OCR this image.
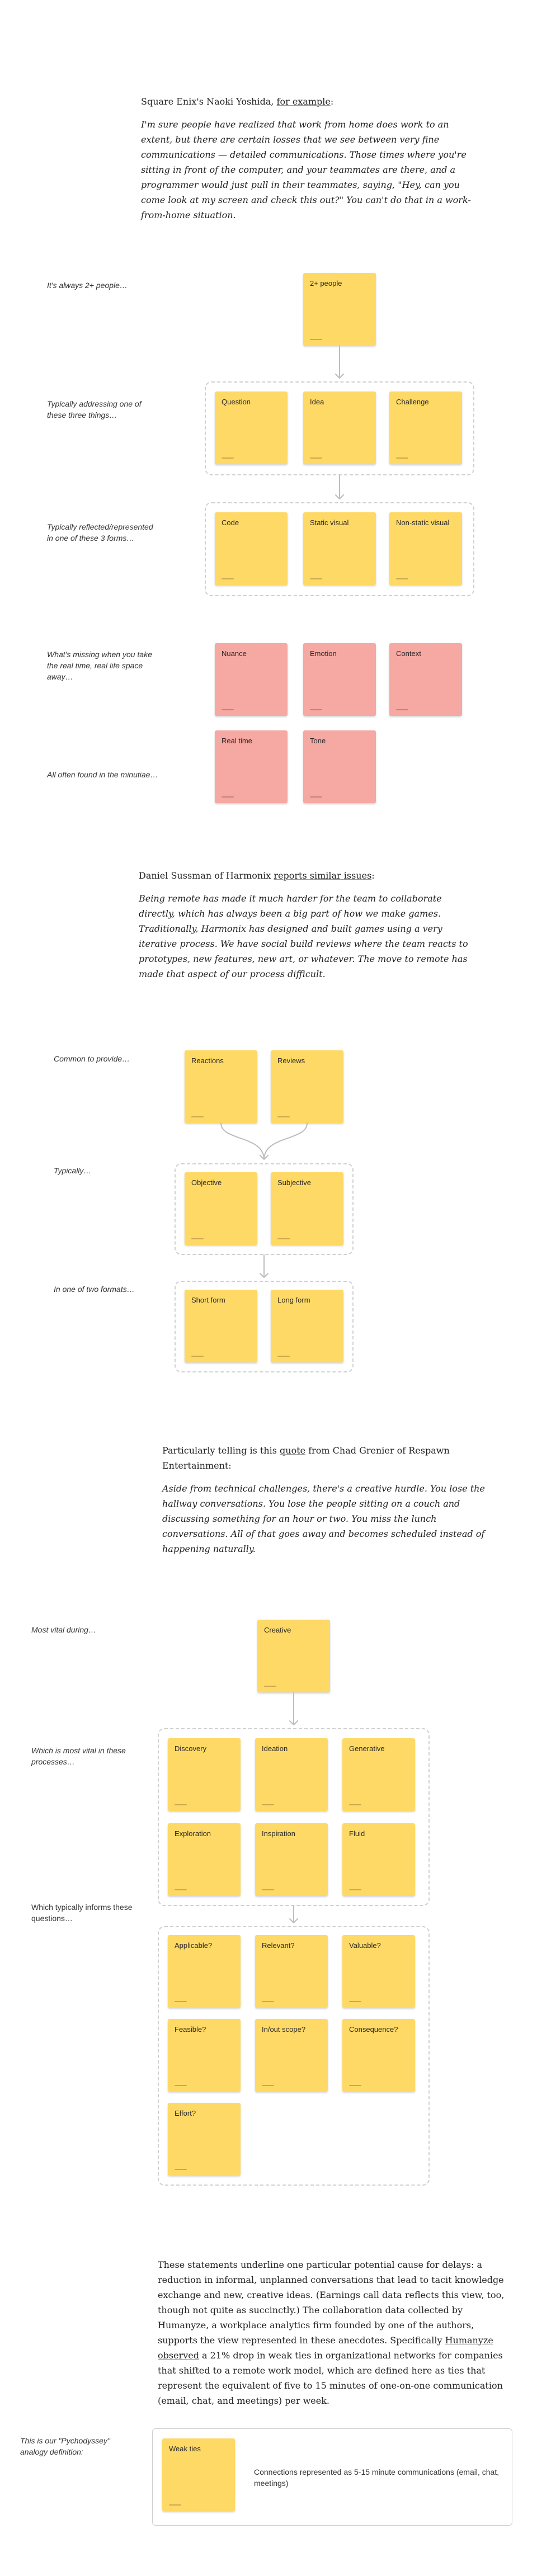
Square Enix's Naoki Yoshida, for example:

I'm sure people have realized that work from home does work to an extent, but there are certain losses that we see between very fine communications — detailed communications. Those times where you're sitting in front of the computer, and your teammates are there, and a programmer would just pull in their teammates, saying, "Hey, can you come look at my screen and check this out?" You can't do that in a work-from-home situation.

It's always 2+ people…
Typically addressing one of these three things…
Typically reflected/represented in one of these 3 forms…
What's missing when you take the real time, real life space away…
All often found in the minutiae…
2+ people
Question	Idea	Challenge
Code	Static visual	Non-static visual
Nuance	Emotion	Context
Real time	Tone

Daniel Sussman of Harmonix reports similar issues:

Being remote has made it much harder for the team to collaborate directly, which has always been a big part of how we make games. Traditionally, Harmonix has designed and built games using a very iterative process. We have social build reviews where the team reacts to prototypes, new features, new art, or whatever. The move to remote has made that aspect of our process difficult.

Common to provide…
Typically…
In one of two formats…
Reactions	Reviews
Objective	Subjective
Short form	Long form

Particularly telling is this quote from Chad Grenier of Respawn Entertainment:

Aside from technical challenges, there's a creative hurdle. You lose the hallway conversations. You lose the people sitting on a couch and discussing something for an hour or two. You miss the lunch conversations. All of that goes away and becomes scheduled instead of happening naturally.

Most vital during…
Which is most vital in these processes…
Which typically informs these questions…
Creative
Discovery	Ideation	Generative
Exploration	Inspiration	Fluid
Applicable?	Relevant?	Valuable?
Feasible?	In/out scope?	Consequence?
Effort?

These statements underline one particular potential cause for delays: a reduction in informal, unplanned conversations that lead to tacit knowledge exchange and new, creative ideas. (Earnings call data reflects this view, too, though not quite as succinctly.) The collaboration data collected by Humanyze, a workplace analytics firm founded by one of the authors, supports the view represented in these anecdotes. Specifically Humanyze observed a 21% drop in weak ties in organizational networks for companies that shifted to a remote work model, which are defined here as ties that represent the equivalent of five to 15 minutes of one-on-one communication (email, chat, and meetings) per week.

This is our "Pychodyssey" analogy definition:	Weak ties
Connections represented as 5-15 minute communications (email, chat, meetings)
